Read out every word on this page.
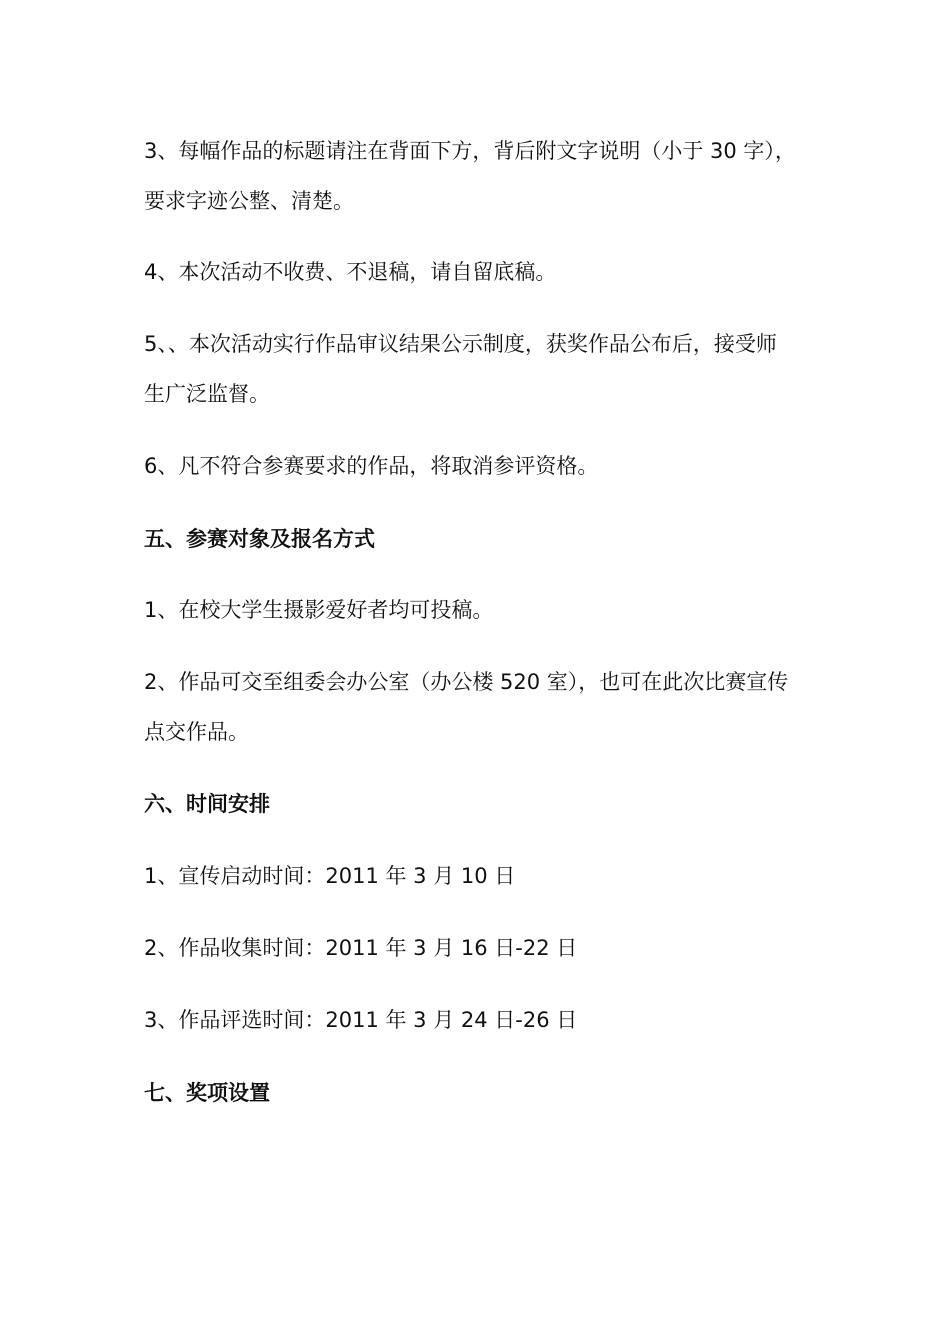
3、每幅作品的标题请注在背面下方，背后附文字说明（小于 30 字），
要求字迹公整、清楚。
4、本次活动不收费、不退稿，请自留底稿。
5、、本次活动实行作品审议结果公示制度，获奖作品公布后，接受师
生广泛监督。
6、凡不符合参赛要求的作品，将取消参评资格。
五、参赛对象及报名方式
1、在校大学生摄影爱好者均可投稿。
2、作品可交至组委会办公室（办公楼 520 室），也可在此次比赛宣传
点交作品。
六、时间安排
1、宣传启动时间：2011 年 3 月 10 日
2、作品收集时间：2011 年 3 月 16 日-22 日
3、作品评选时间：2011 年 3 月 24 日-26 日
七、奖项设置
